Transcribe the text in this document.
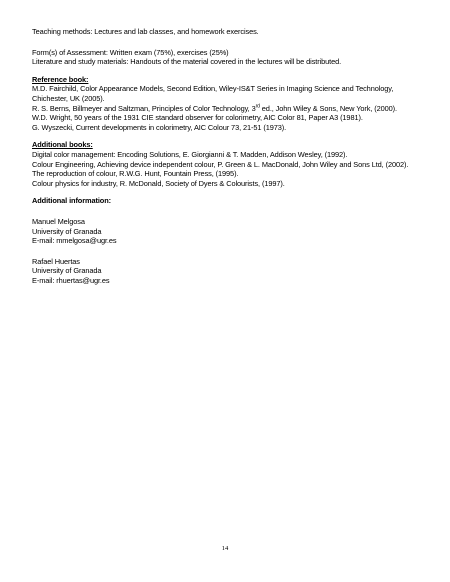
Teaching methods: Lectures and lab classes, and homework exercises.

Form(s) of Assessment: Written exam (75%), exercises (25%)

Literature and study materials: Handouts of the material covered in the lectures will be distributed.

Reference book:

M.D. Fairchild, Color Appearance Models, Second Edition, Wiley-IS&T Series in Imaging Science and Technology, Chichester, UK (2005).

R. S. Berns, Billmeyer and Saltzman, Principles of Color Technology, 3rd ed., John Wiley & Sons, New York, (2000).

W.D. Wright, 50 years of the 1931 CIE standard observer for colorimetry, AIC Color 81, Paper A3 (1981).

G. Wyszecki, Current developments in colorimetry, AIC Colour 73, 21-51 (1973).

Additional books:

Digital color management: Encoding Solutions, E. Giorgianni & T. Madden, Addison Wesley, (1992).

Colour Engineering, Achieving device independent colour, P. Green & L. MacDonald, John Wiley and Sons Ltd, (2002).

The reproduction of colour, R.W.G. Hunt, Fountain Press, (1995).

Colour physics for industry, R. McDonald, Society of Dyers & Colourists, (1997).

Additional information:

Manuel Melgosa

University of Granada

E-mail: mmelgosa@ugr.es

Rafael Huertas

University of Granada

E-mail: rhuertas@ugr.es

14
